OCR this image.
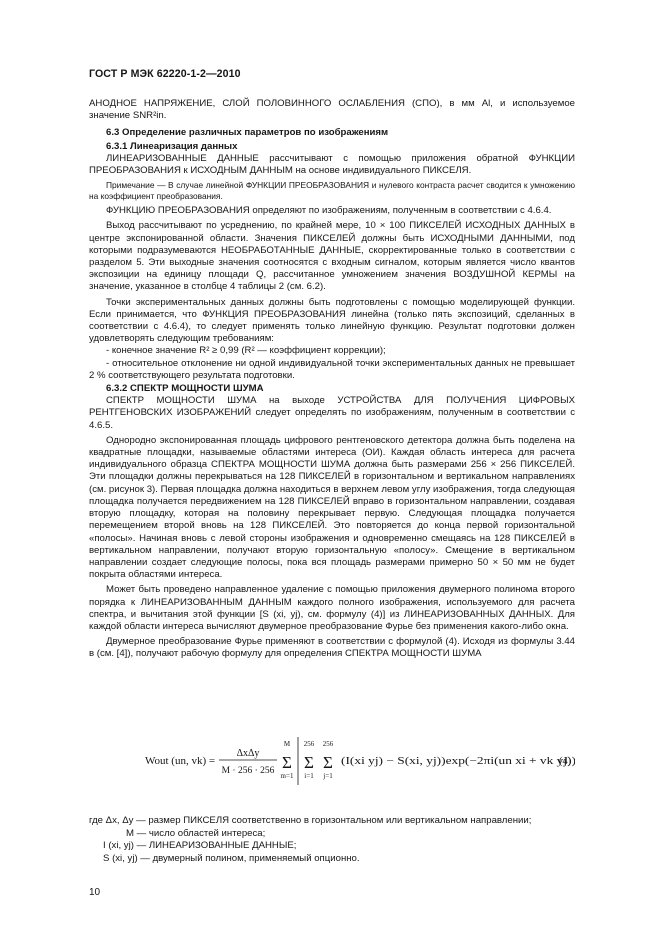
ГОСТ Р МЭК 62220-1-2—2010

АНОДНОЕ НАПРЯЖЕНИЕ, СЛОЙ ПОЛОВИННОГО ОСЛАБЛЕНИЯ (СПО), в мм Al, и используемое значение SNR²in.

6.3 Определение различных параметров по изображениям

6.3.1 Линеаризация данных

ЛИНЕАРИЗОВАННЫЕ ДАННЫЕ рассчитывают с помощью приложения обратной ФУНКЦИИ ПРЕОБРАЗОВАНИЯ к ИСХОДНЫМ ДАННЫМ на основе индивидуального ПИКСЕЛЯ.

Примечание — В случае линейной ФУНКЦИИ ПРЕОБРАЗОВАНИЯ и нулевого контраста расчет сводится к умножению на коэффициент преобразования.

ФУНКЦИЮ ПРЕОБРАЗОВАНИЯ определяют по изображениям, полученным в соответствии с 4.6.4.

Выход рассчитывают по усреднению, по крайней мере, 10 × 100 ПИКСЕЛЕЙ ИСХОДНЫХ ДАННЫХ в центре экспонированной области. Значения ПИКСЕЛЕЙ должны быть ИСХОДНЫМИ ДАННЫМИ, под которыми подразумеваются НЕОБРАБОТАННЫЕ ДАННЫЕ, скорректированные только в соответствии с разделом 5. Эти выходные значения соотносятся с входным сигналом, которым является число квантов экспозиции на единицу площади Q, рассчитанное умножением значения ВОЗДУШНОЙ КЕРМЫ на значение, указанное в столбце 4 таблицы 2 (см. 6.2).

Точки экспериментальных данных должны быть подготовлены с помощью моделирующей функции. Если принимается, что ФУНКЦИЯ ПРЕОБРАЗОВАНИЯ линейна (только пять экспозиций, сделанных в соответствии с 4.6.4), то следует применять только линейную функцию. Результат подготовки должен удовлетворять следующим требованиям:

- конечное значение R² ≥ 0,99 (R² — коэффициент коррекции);

- относительное отклонение ни одной индивидуальной точки экспериментальных данных не превышает 2 % соответствующего результата подготовки.

6.3.2 СПЕКТР МОЩНОСТИ ШУМА

СПЕКТР МОЩНОСТИ ШУМА на выходе УСТРОЙСТВА ДЛЯ ПОЛУЧЕНИЯ ЦИФРОВЫХ РЕНТГЕНОВСКИХ ИЗОБРАЖЕНИЙ следует определять по изображениям, полученным в соответствии с 4.6.5.

Однородно экспонированная площадь цифрового рентгеновского детектора должна быть поделена на квадратные площадки, называемые областями интереса (ОИ). Каждая область интереса для расчета индивидуального образца СПЕКТРА МОЩНОСТИ ШУМА должна быть размерами 256 × 256 ПИКСЕЛЕЙ. Эти площадки должны перекрываться на 128 ПИКСЕЛЕЙ в горизонтальном и вертикальном направлениях (см. рисунок 3). Первая площадка должна находиться в верхнем левом углу изображения, тогда следующая площадка получается передвижением на 128 ПИКСЕЛЕЙ вправо в горизонтальном направлении, создавая вторую площадку, которая на половину перекрывает первую. Следующая площадка получается перемещением второй вновь на 128 ПИКСЕЛЕЙ. Это повторяется до конца первой горизонтальной «полосы». Начиная вновь с левой стороны изображения и одновременно смещаясь на 128 ПИКСЕЛЕЙ в вертикальном направлении, получают вторую горизонтальную «полосу». Смещение в вертикальном направлении создает следующие полосы, пока вся площадь размерами примерно 50 × 50 мм не будет покрыта областями интереса.

Может быть проведено направленное удаление с помощью приложения двумерного полинома второго порядка к ЛИНЕАРИЗОВАННЫМ ДАННЫМ каждого полного изображения, используемого для расчета спектра, и вычитания этой функции [S (xi, yj), см. формулу (4)] из ЛИНЕАРИЗОВАННЫХ ДАННЫХ. Для каждой области интереса вычисляют двумерное преобразование Фурье без применения какого-либо окна.

Двумерное преобразование Фурье применяют в соответствии с формулой (4). Исходя из формулы 3.44 в (см. [4]), получают рабочую формулу для определения СПЕКТРА МОЩНОСТИ ШУМА

Wout (un, vk) =
ΔxΔy
M · 256 · 256
M
Σ
m=1
256
Σ
i=1
256
Σ
j=1
(I(xi yj) − S(xi, yj))exp(−2πi(un xi + vk yj))
(4)

где Δx, Δy — размер ПИКСЕЛЯ соответственно в горизонтальном или вертикальном направлении;

M — число областей интереса;

I (xi, yj) — ЛИНЕАРИЗОВАННЫЕ ДАННЫЕ;

S (xi, yj) — двумерный полином, применяемый опционно.

10
